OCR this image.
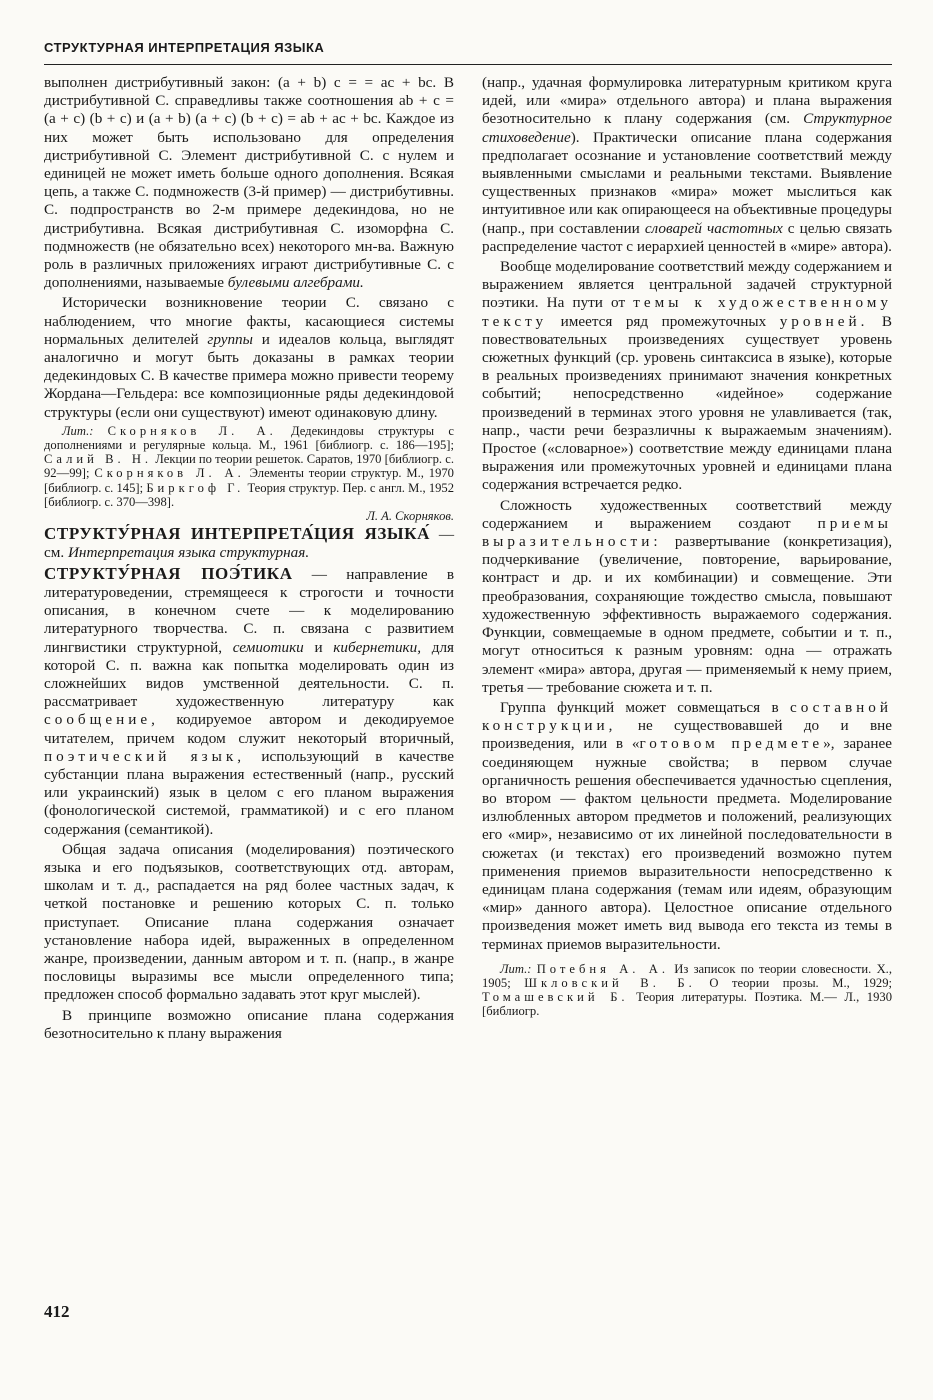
СТРУКТУРНАЯ ИНТЕРПРЕТАЦИЯ ЯЗЫКА

выполнен дистрибутивный закон: (a + b) c = = ac + bc. В дистрибутивной С. справедливы также соотношения ab + c = (a + c) (b + c) и (a + b) (a + c) (b + c) = ab + ac + bc. Каждое из них может быть использовано для определения дистрибутивной С. Элемент дистрибутивной С. с нулем и единицей не может иметь больше одного дополнения. Всякая цепь, а также С. подмножеств (3-й пример) — дистрибутивны. С. подпространств во 2-м примере дедекиндова, но не дистрибутивна. Всякая дистрибутивная С. изоморфна С. подмножеств (не обязательно всех) некоторого мн-ва. Важную роль в различных приложениях играют дистрибутивные С. с дополнениями, называемые булевыми алгебрами.

Исторически возникновение теории С. связано с наблюдением, что многие факты, касающиеся системы нормальных делителей группы и идеалов кольца, выглядят аналогично и могут быть доказаны в рамках теории дедекиндовых С. В качестве примера можно привести теорему Жордана—Гельдера: все композиционные ряды дедекиндовой структуры (если они существуют) имеют одинаковую длину.

Лит.: Скорняков Л. А. Дедекиндовы структуры с дополнениями и регулярные кольца. М., 1961 [библиогр. с. 186—195]; Салий В. Н. Лекции по теории решеток. Саратов, 1970 [библиогр. с. 92—99]; Скорняков Л. А. Элементы теории структур. М., 1970 [библиогр. с. 145]; Биркгоф Г. Теория структур. Пер. с англ. М., 1952 [библиогр. с. 370—398].
Л. А. Скорняков.

СТРУКТУ́РНАЯ ИНТЕРПРЕТА́ЦИЯ ЯЗЫКА́ — см. Интерпретация языка структурная.

СТРУКТУ́РНАЯ ПОЭ́ТИКА — направление в литературоведении, стремящееся к строгости и точности описания, в конечном счете — к моделированию литературного творчества. С. п. связана с развитием лингвистики структурной, семиотики и кибернетики, для которой С. п. важна как попытка моделировать один из сложнейших видов умственной деятельности. С. п. рассматривает художественную литературу как сообщение, кодируемое автором и декодируемое читателем, причем кодом служит некоторый вторичный, поэтический язык, использующий в качестве субстанции плана выражения естественный (напр., русский или украинский) язык в целом с его планом выражения (фонологической системой, грамматикой) и с его планом содержания (семантикой).

Общая задача описания (моделирования) поэтического языка и его подъязыков, соответствующих отд. авторам, школам и т. д., распадается на ряд более частных задач, к четкой постановке и решению которых С. п. только приступает. Описание плана содержания означает установление набора идей, выраженных в определенном жанре, произведении, данным автором и т. п. (напр., в жанре пословицы выразимы все мысли определенного типа; предложен способ формально задавать этот круг мыслей).

В принципе возможно описание плана содержания безотносительно к плану выражения

(напр., удачная формулировка литературным критиком круга идей, или «мира» отдельного автора) и плана выражения безотносительно к плану содержания (см. Структурное стиховедение). Практически описание плана содержания предполагает осознание и установление соответствий между выявленными смыслами и реальными текстами. Выявление существенных признаков «мира» может мыслиться как интуитивное или как опирающееся на объективные процедуры (напр., при составлении словарей частотных с целью связать распределение частот с иерархией ценностей в «мире» автора).

Вообще моделирование соответствий между содержанием и выражением является центральной задачей структурной поэтики. На пути от темы к художественному тексту имеется ряд промежуточных уровней. В повествовательных произведениях существует уровень сюжетных функций (ср. уровень синтаксиса в языке), которые в реальных произведениях принимают значения конкретных событий; непосредственно «идейное» содержание произведений в терминах этого уровня не улавливается (так, напр., части речи безразличны к выражаемым значениям). Простое («словарное») соответствие между единицами плана выражения или промежуточных уровней и единицами плана содержания встречается редко.

Сложность художественных соответствий между содержанием и выражением создают приемы выразительности: развертывание (конкретизация), подчеркивание (увеличение, повторение, варьирование, контраст и др. и их комбинации) и совмещение. Эти преобразования, сохраняющие тождество смысла, повышают художественную эффективность выражаемого содержания. Функции, совмещаемые в одном предмете, событии и т. п., могут относиться к разным уровням: одна — отражать элемент «мира» автора, другая — применяемый к нему прием, третья — требование сюжета и т. п.

Группа функций может совмещаться в составной конструкции, не существовавшей до и вне произведения, или в «готовом предмете», заранее соединяющем нужные свойства; в первом случае органичность решения обеспечивается удачностью сцепления, во втором — фактом цельности предмета. Моделирование излюбленных автором предметов и положений, реализующих его «мир», независимо от их линейной последовательности в сюжетах (и текстах) его произведений возможно путем применения приемов выразительности непосредственно к единицам плана содержания (темам или идеям, образующим «мир» данного автора). Целостное описание отдельного произведения может иметь вид вывода его текста из темы в терминах приемов выразительности.

Лит.: Потебня А. А. Из записок по теории словесности. Х., 1905; Шкловский В. Б. О теории прозы. М., 1929; Томашевский Б. Теория литературы. Поэтика. М.— Л., 1930 [библиогр.

412
